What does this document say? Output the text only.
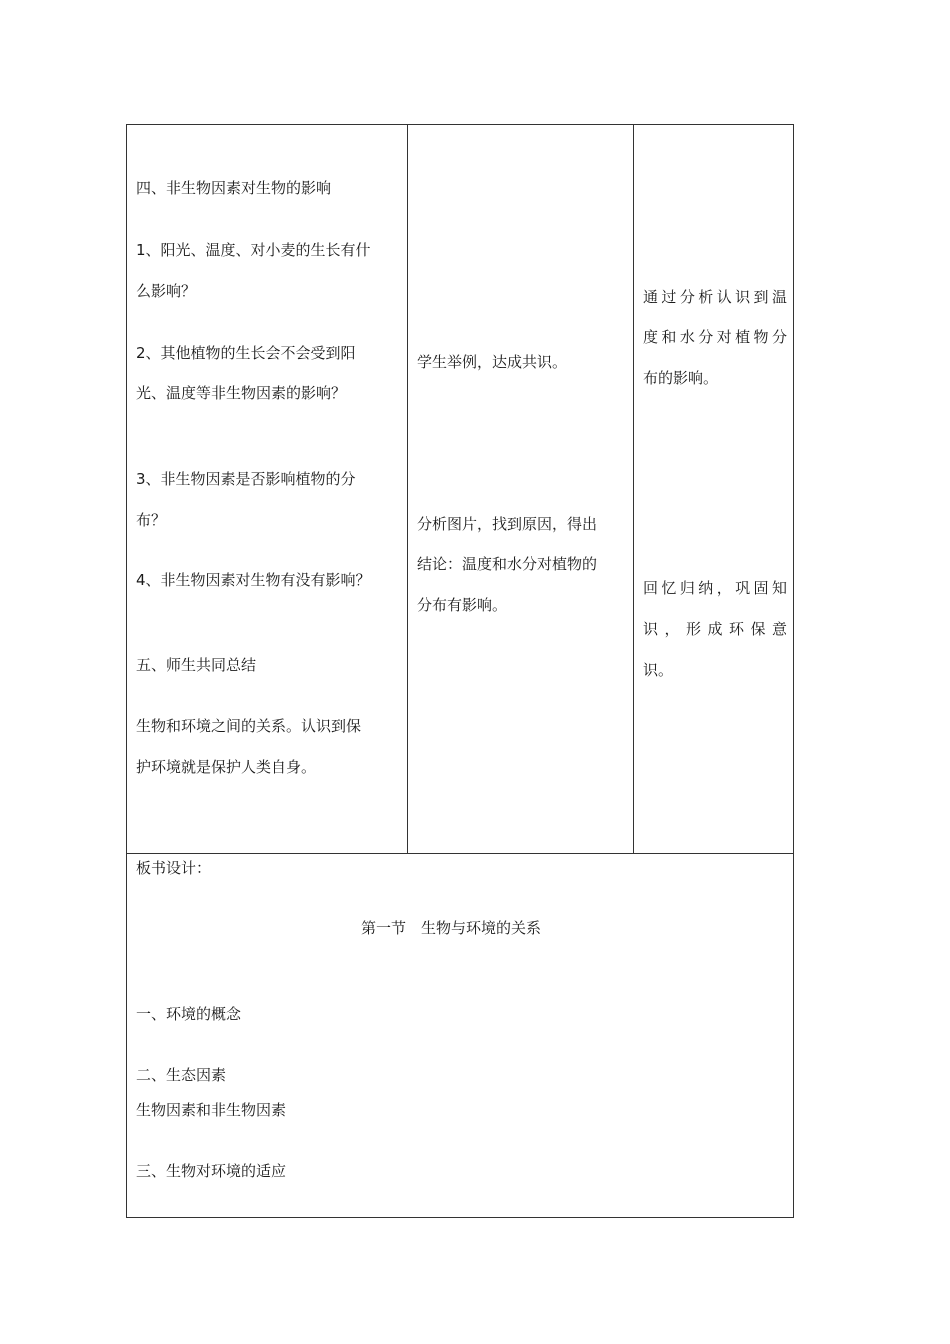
四、非生物因素对生物的影响
1、阳光、温度、对小麦的生长有什
么影响？
2、其他植物的生长会不会受到阳
光、温度等非生物因素的影响？
3、非生物因素是否影响植物的分
布？
4、非生物因素对生物有没有影响？
五、师生共同总结
生物和环境之间的关系。认识到保
护环境就是保护人类自身。
学生举例，达成共识。
分析图片，找到原因，得出
结论：温度和水分对植物的
分布有影响。
通过分析认识到温
度和水分对植物分
布的影响。
回忆归纳，巩固知
识，形成环保意
识。
板书设计：
第一节　生物与环境的关系
一、环境的概念
二、生态因素
生物因素和非生物因素
三、生物对环境的适应
